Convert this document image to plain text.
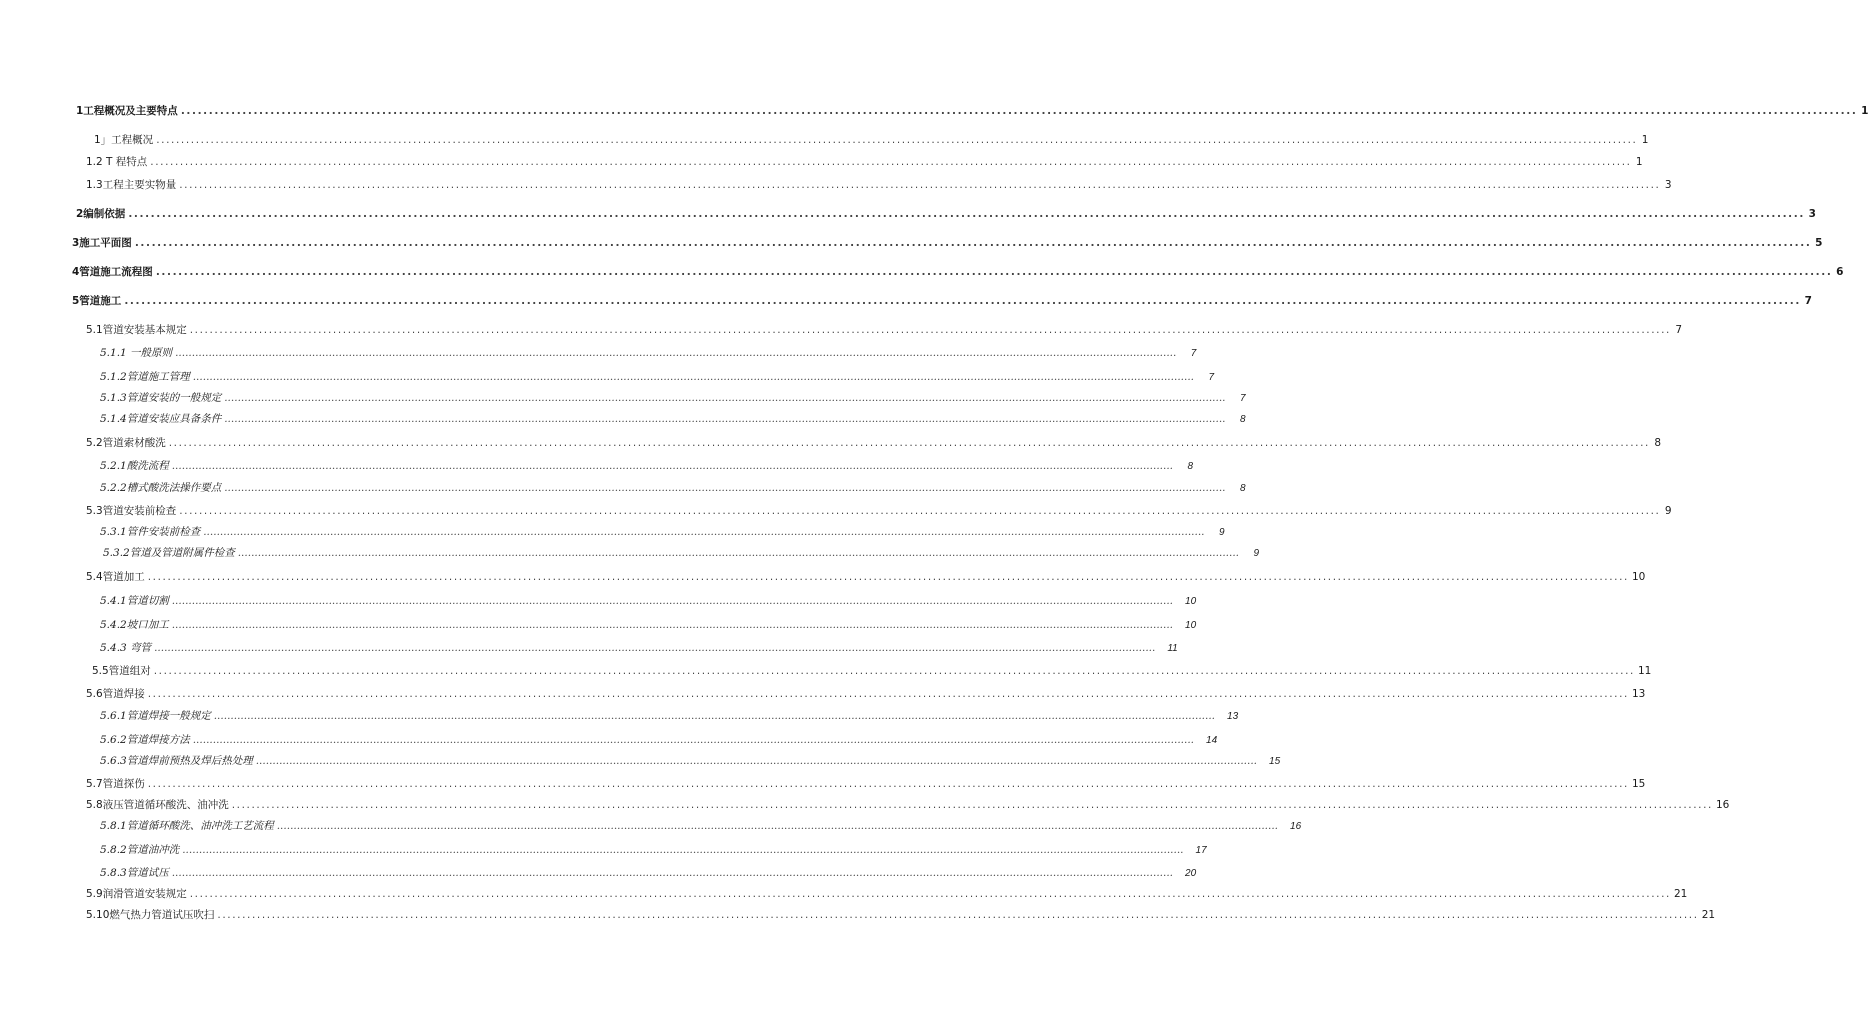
1工程概况及主要特点 ............................................................................................................................................................................................................................................................................................................ 1
1」工程概况 ............................................................................................................................................................................................................................................................................................................ 1
1.2 T 程特点 ............................................................................................................................................................................................................................................................................................................ 1
1.3工程主要实物量 ............................................................................................................................................................................................................................................................................................................ 3
2编制依据 ............................................................................................................................................................................................................................................................................................................ 3
3施工平面图 ............................................................................................................................................................................................................................................................................................................ 5
4管道施工流程图 ............................................................................................................................................................................................................................................................................................................ 6
5管道施工 ............................................................................................................................................................................................................................................................................................................ 7
5.1管道安装基本规定 ............................................................................................................................................................................................................................................................................................................ 7
5.1.1 一般原则 ............................................................................................................................................................................................................................................................................................................ 7
5.1.2管道施工管理 ............................................................................................................................................................................................................................................................................................................ 7
5.1.3管道安装的一般规定 ............................................................................................................................................................................................................................................................................................................ 7
5.1.4管道安装应具备条件 ............................................................................................................................................................................................................................................................................................................ 8
5.2管道索材酸洗 ............................................................................................................................................................................................................................................................................................................ 8
5.2.1酸洗流程 ............................................................................................................................................................................................................................................................................................................ 8
5.2.2槽式酸洗法操作要点 ............................................................................................................................................................................................................................................................................................................ 8
5.3管道安装前检查 ............................................................................................................................................................................................................................................................................................................ 9
5.3.1管件安装前检查 ............................................................................................................................................................................................................................................................................................................ 9
5.3.2管道及管道附属件检查 ............................................................................................................................................................................................................................................................................................................ 9
5.4管道加工 ............................................................................................................................................................................................................................................................................................................ 10
5.4.1管道切割 ............................................................................................................................................................................................................................................................................................................ 10
5.4.2坡口加工 ............................................................................................................................................................................................................................................................................................................ 10
5.4.3 弯管 ............................................................................................................................................................................................................................................................................................................ 11
5.5管道组对 ............................................................................................................................................................................................................................................................................................................ 11
5.6管道焊接 ............................................................................................................................................................................................................................................................................................................ 13
5.6.1管道焊接一般规定 ............................................................................................................................................................................................................................................................................................................ 13
5.6.2管道焊接方法 ............................................................................................................................................................................................................................................................................................................ 14
5.6.3管道焊前预热及焊后热处理 ............................................................................................................................................................................................................................................................................................................ 15
5.7管道探伤 ............................................................................................................................................................................................................................................................................................................ 15
5.8液压管道循环酸洗、油冲洗 ............................................................................................................................................................................................................................................................................................................ 16
5.8.1管道循环酸洗、油冲洗工艺流程 ............................................................................................................................................................................................................................................................................................................ 16
5.8.2管道油冲洗 ............................................................................................................................................................................................................................................................................................................ 17
5.8.3管道试压 ............................................................................................................................................................................................................................................................................................................ 20
5.9润滑管道安装规定 ............................................................................................................................................................................................................................................................................................................ 21
5.10燃气热力管道试压吹扫 ............................................................................................................................................................................................................................................................................................................ 21
